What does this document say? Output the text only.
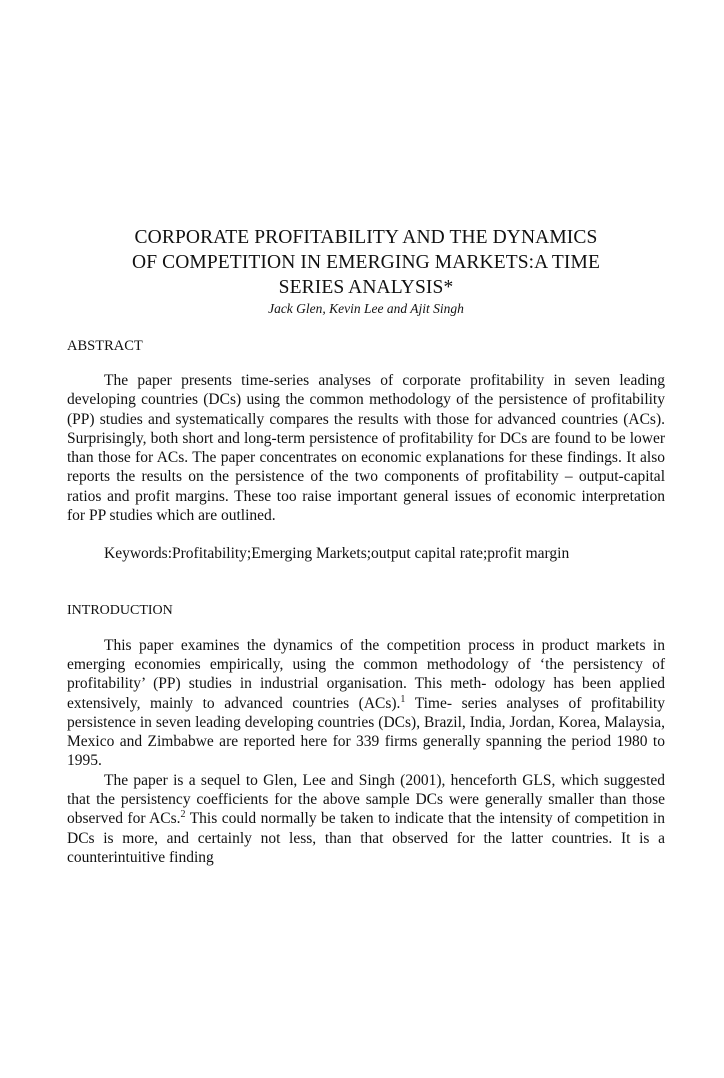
CORPORATE PROFITABILITY AND THE DYNAMICS
OF COMPETITION IN EMERGING MARKETS:A TIME
SERIES ANALYSIS*

Jack Glen, Kevin Lee and Ajit Singh

ABSTRACT

The paper presents time-series analyses of corporate profitability in seven leading developing countries (DCs) using the common methodology of the persistence of profitability (PP) studies and systematically compares the results with those for advanced countries (ACs). Surprisingly, both short and long-term persistence of profitability for DCs are found to be lower than those for ACs. The paper concentrates on economic explanations for these findings. It also reports the results on the persistence of the two components of profitability – output-capital ratios and profit margins. These too raise important general issues of economic interpretation for PP studies which are outlined.

Keywords:Profitability;Emerging Markets;output capital rate;profit margin

INTRODUCTION

This paper examines the dynamics of the competition process in product markets in emerging economies empirically, using the common methodology of ‘the persistency of profitability’ (PP) studies in industrial organisation. This meth- odology has been applied extensively, mainly to advanced countries (ACs).$^1$ Time- series analyses of profitability persistence in seven leading developing countries (DCs), Brazil, India, Jordan, Korea, Malaysia, Mexico and Zimbabwe are reported here for 339 firms generally spanning the period 1980 to 1995.

The paper is a sequel to Glen, Lee and Singh (2001), henceforth GLS, which suggested that the persistency coefficients for the above sample DCs were generally smaller than those observed for ACs.$^2$ This could normally be taken to indicate that the intensity of competition in DCs is more, and certainly not less, than that observed for the latter countries. It is a counterintuitive finding
